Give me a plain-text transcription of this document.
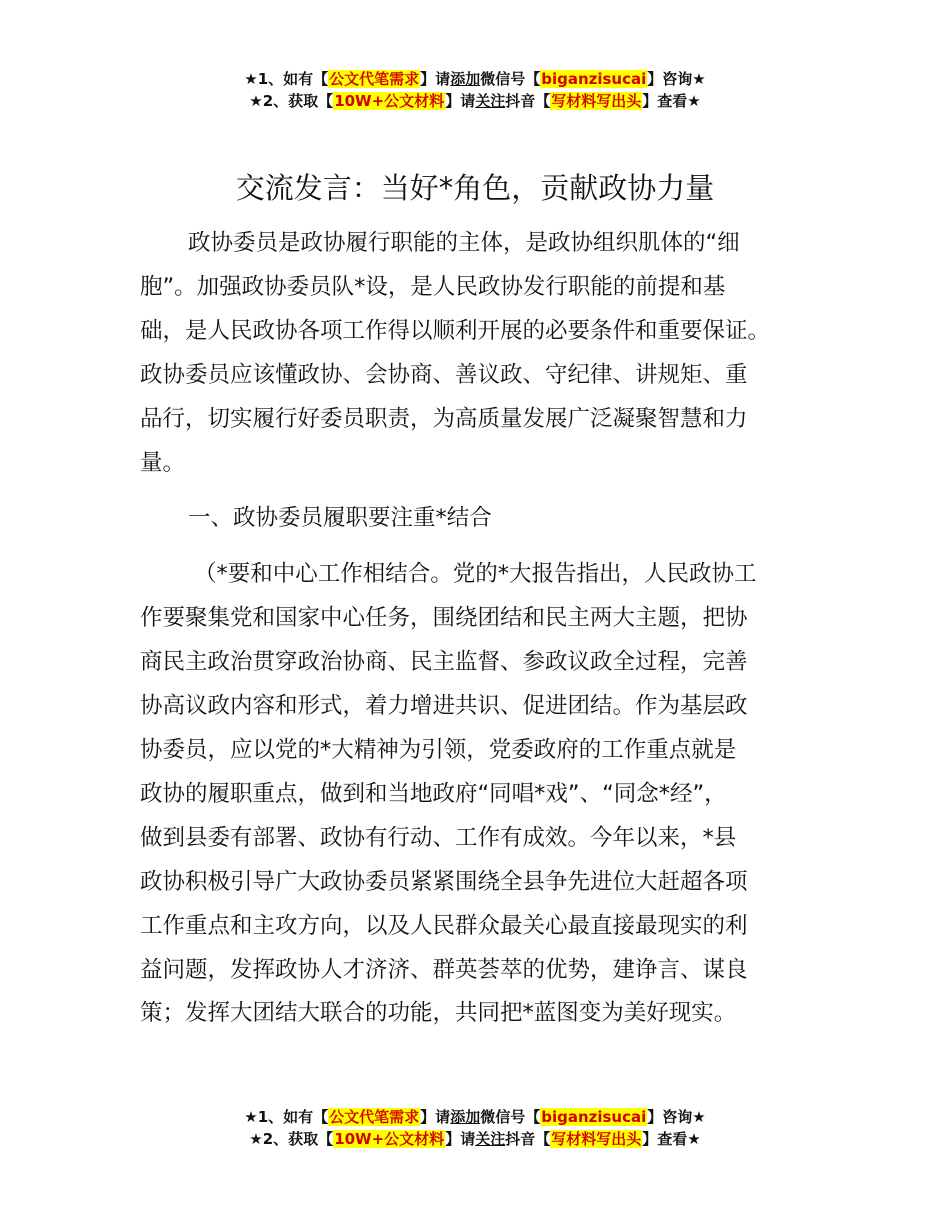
★1、如有【公文代笔需求】请添加微信号【biganzisucai】咨询★
★2、获取【10W+公文材料】请关注抖音【写材料写出头】查看★
交流发言：当好*角色，贡献政协力量

政协委员是政协履行职能的主体，是政协组织肌体的“细
胞”。加强政协委员队*设，是人民政协发行职能的前提和基
础，是人民政协各项工作得以顺利开展的必要条件和重要保证。
政协委员应该懂政协、会协商、善议政、守纪律、讲规矩、重
品行，切实履行好委员职责，为高质量发展广泛凝聚智慧和力
量。

一、政协委员履职要注重*结合

（*要和中心工作相结合。党的*大报告指出，人民政协工
作要聚集党和国家中心任务，围绕团结和民主两大主题，把协
商民主政治贯穿政治协商、民主监督、参政议政全过程，完善
协高议政内容和形式，着力增进共识、促进团结。作为基层政
协委员，应以党的*大精神为引领，党委政府的工作重点就是
政协的履职重点，做到和当地政府“同唱*戏”、“同念*经”，
做到县委有部署、政协有行动、工作有成效。今年以来，*县
政协积极引导广大政协委员紧紧围绕全县争先进位大赶超各项
工作重点和主攻方向，以及人民群众最关心最直接最现实的利
益问题，发挥政协人才济济、群英荟萃的优势，建诤言、谋良
策；发挥大团结大联合的功能，共同把*蓝图变为美好现实。

★1、如有【公文代笔需求】请添加微信号【biganzisucai】咨询★
★2、获取【10W+公文材料】请关注抖音【写材料写出头】查看★
